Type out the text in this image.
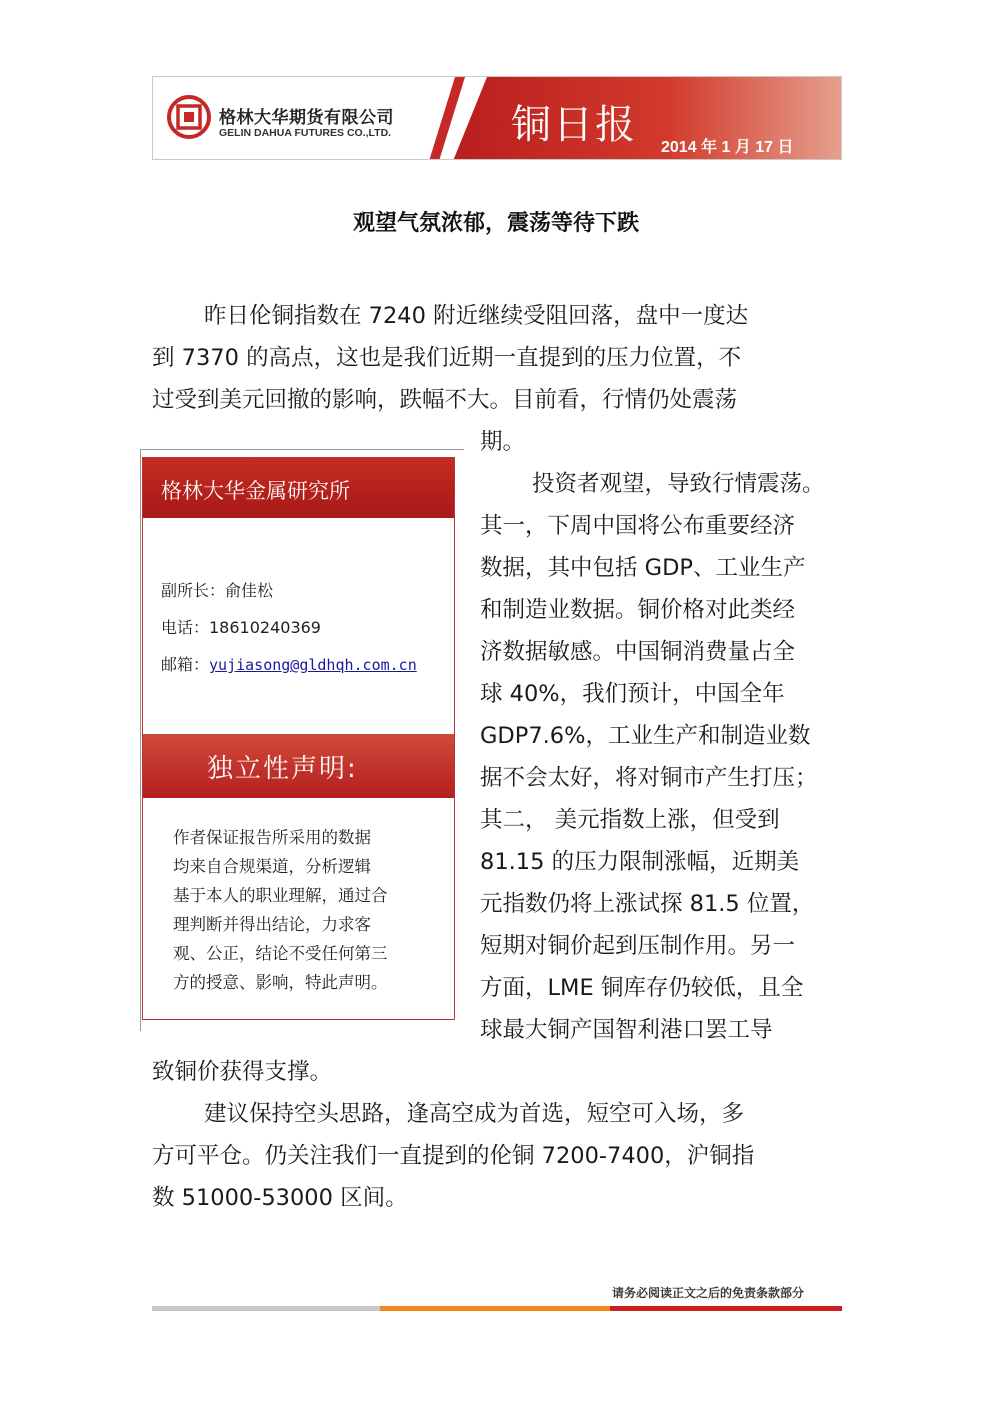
格林大华期货有限公司
GELIN DAHUA FUTURES CO.,LTD.	铜日报 2014 年 1 月 17 日
观望气氛浓郁，震荡等待下跌

昨日伦铜指数在 7240 附近继续受阻回落，盘中一度达

到 7370 的高点，这也是我们近期一直提到的压力位置，不

过受到美元回撤的影响，跌幅不大。目前看，行情仍处震荡

期。

投资者观望，导致行情震荡。

其一，下周中国将公布重要经济

数据，其中包括 GDP、工业生产

和制造业数据。铜价格对此类经

济数据敏感。中国铜消费量占全

球 40%，我们预计，中国全年

GDP7.6%，工业生产和制造业数

据不会太好，将对铜市产生打压；

其二， 美元指数上涨，但受到

81.15 的压力限制涨幅，近期美

元指数仍将上涨试探 81.5 位置，

短期对铜价起到压制作用。另一

方面，LME 铜库存仍较低，且全

球最大铜产国智利港口罢工导

致铜价获得支撑。

建议保持空头思路，逢高空成为首选，短空可入场，多

方可平仓。仍关注我们一直提到的伦铜 7200-7400，沪铜指

数 51000-53000 区间。

格林大华金属研究所
副所长：俞佳松
电话：18610240369
邮箱：yujiasong@gldhqh.com.cn
独立性声明:
作者保证报告所采用的数据
均来自合规渠道，分析逻辑
基于本人的职业理解，通过合
理判断并得出结论，力求客
观、公正，结论不受任何第三
方的授意、影响，特此声明。
请务必阅读正文之后的免责条款部分
